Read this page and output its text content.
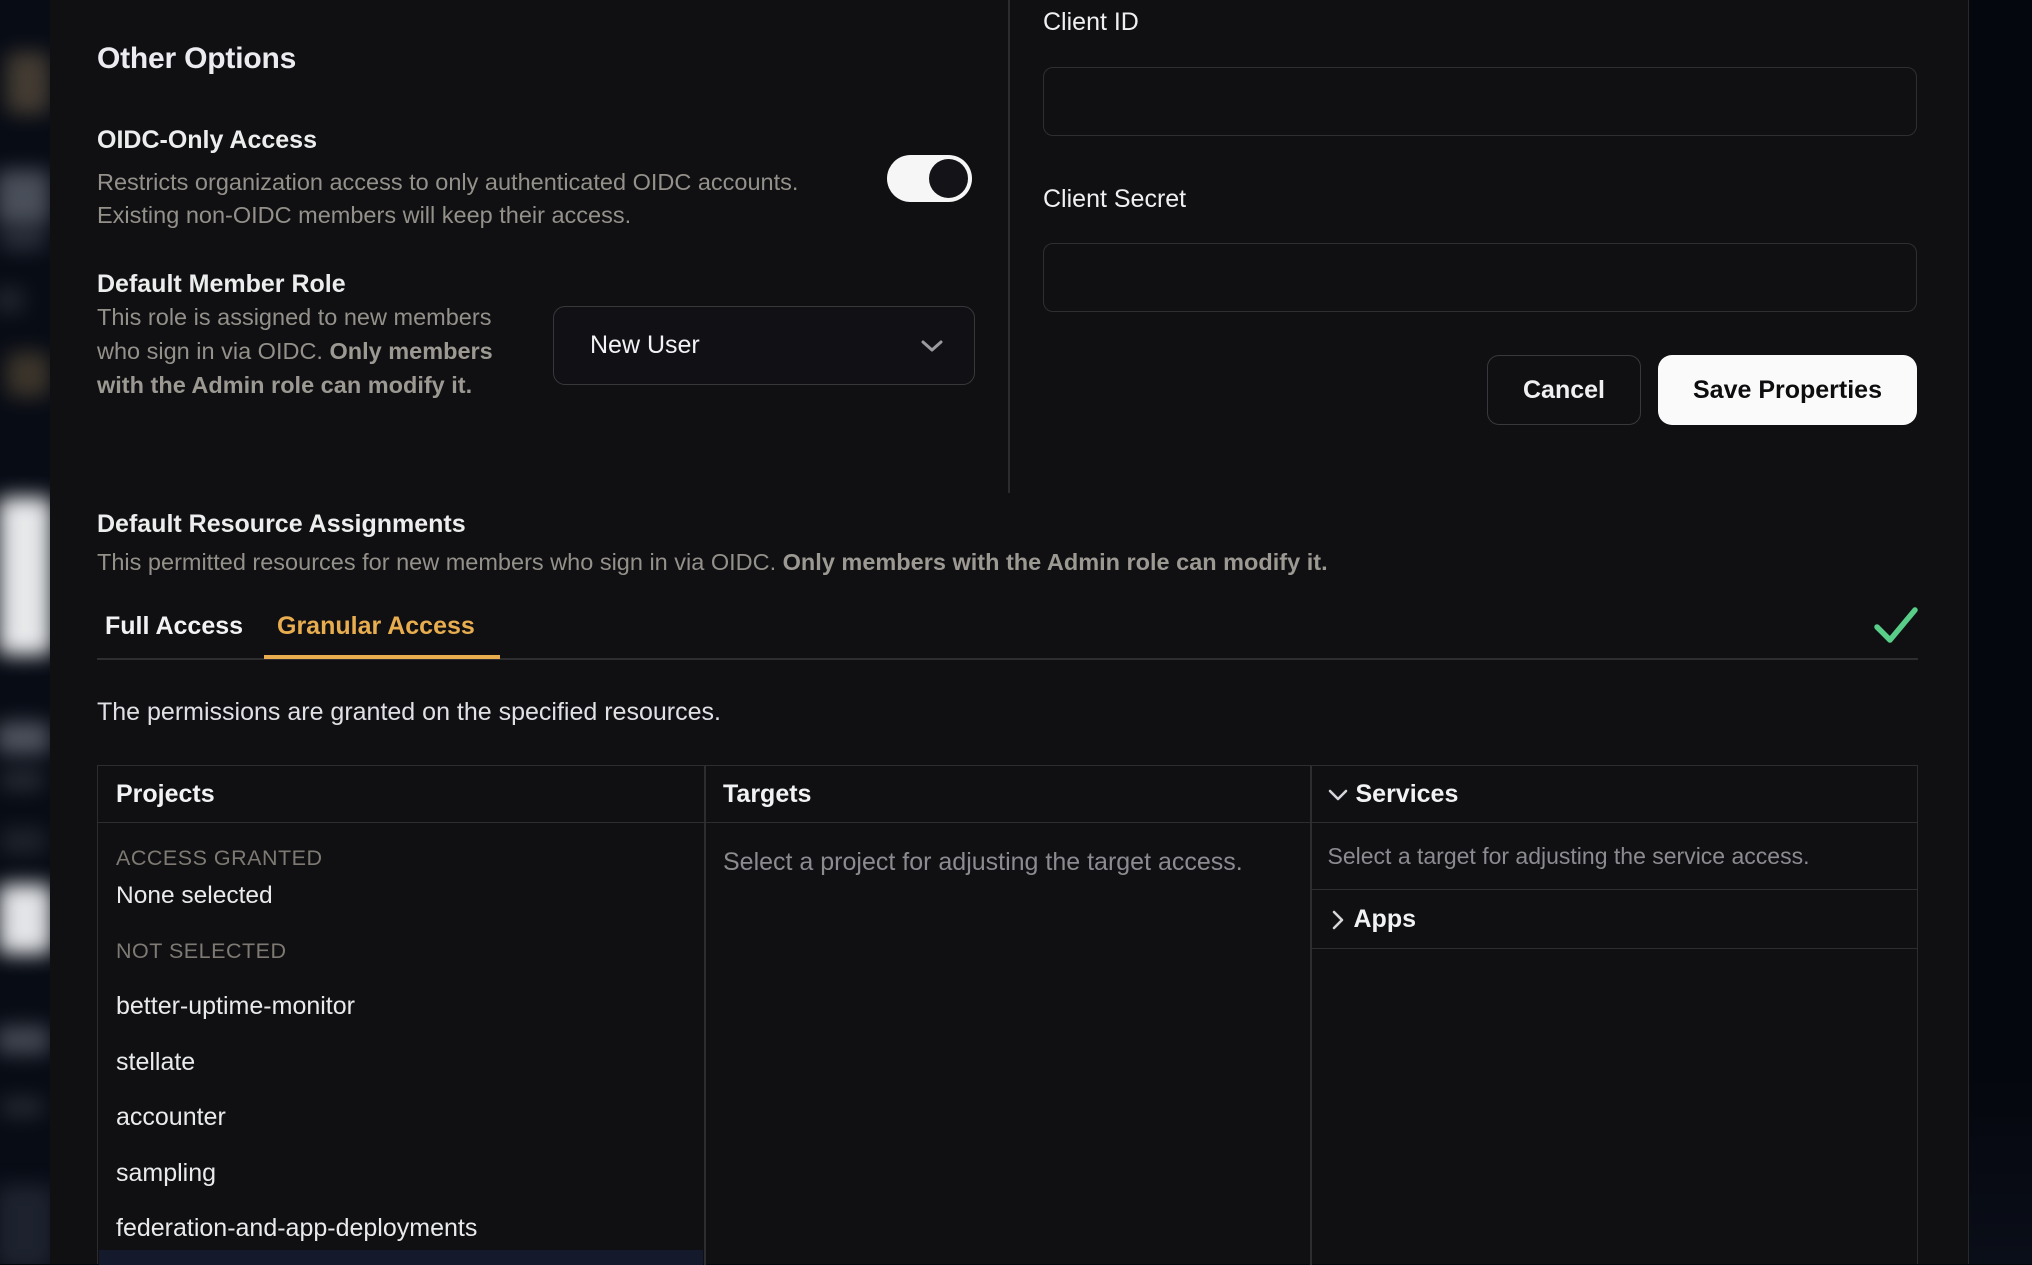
Other Options
OIDC-Only Access

Restricts organization access to only authenticated OIDC accounts. Existing non-OIDC members will keep their access.

Default Member Role

This role is assigned to new members who sign in via OIDC. Only members with the Admin role can modify it.

New User
Client ID
Client Secret
Cancel	Save Properties
Default Resource Assignments

This permitted resources for new members who sign in via OIDC. Only members with the Admin role can modify it.

Full Access Granular Access
The permissions are granted on the specified resources.
Projects	Targets	Services
ACCESS GRANTED
None selected
NOT SELECTED
better-uptime-monitor
stellate
accounter
sampling
federation-and-app-deployments
Select a project for adjusting the target access.	Select a target for adjusting the service access.
Apps
